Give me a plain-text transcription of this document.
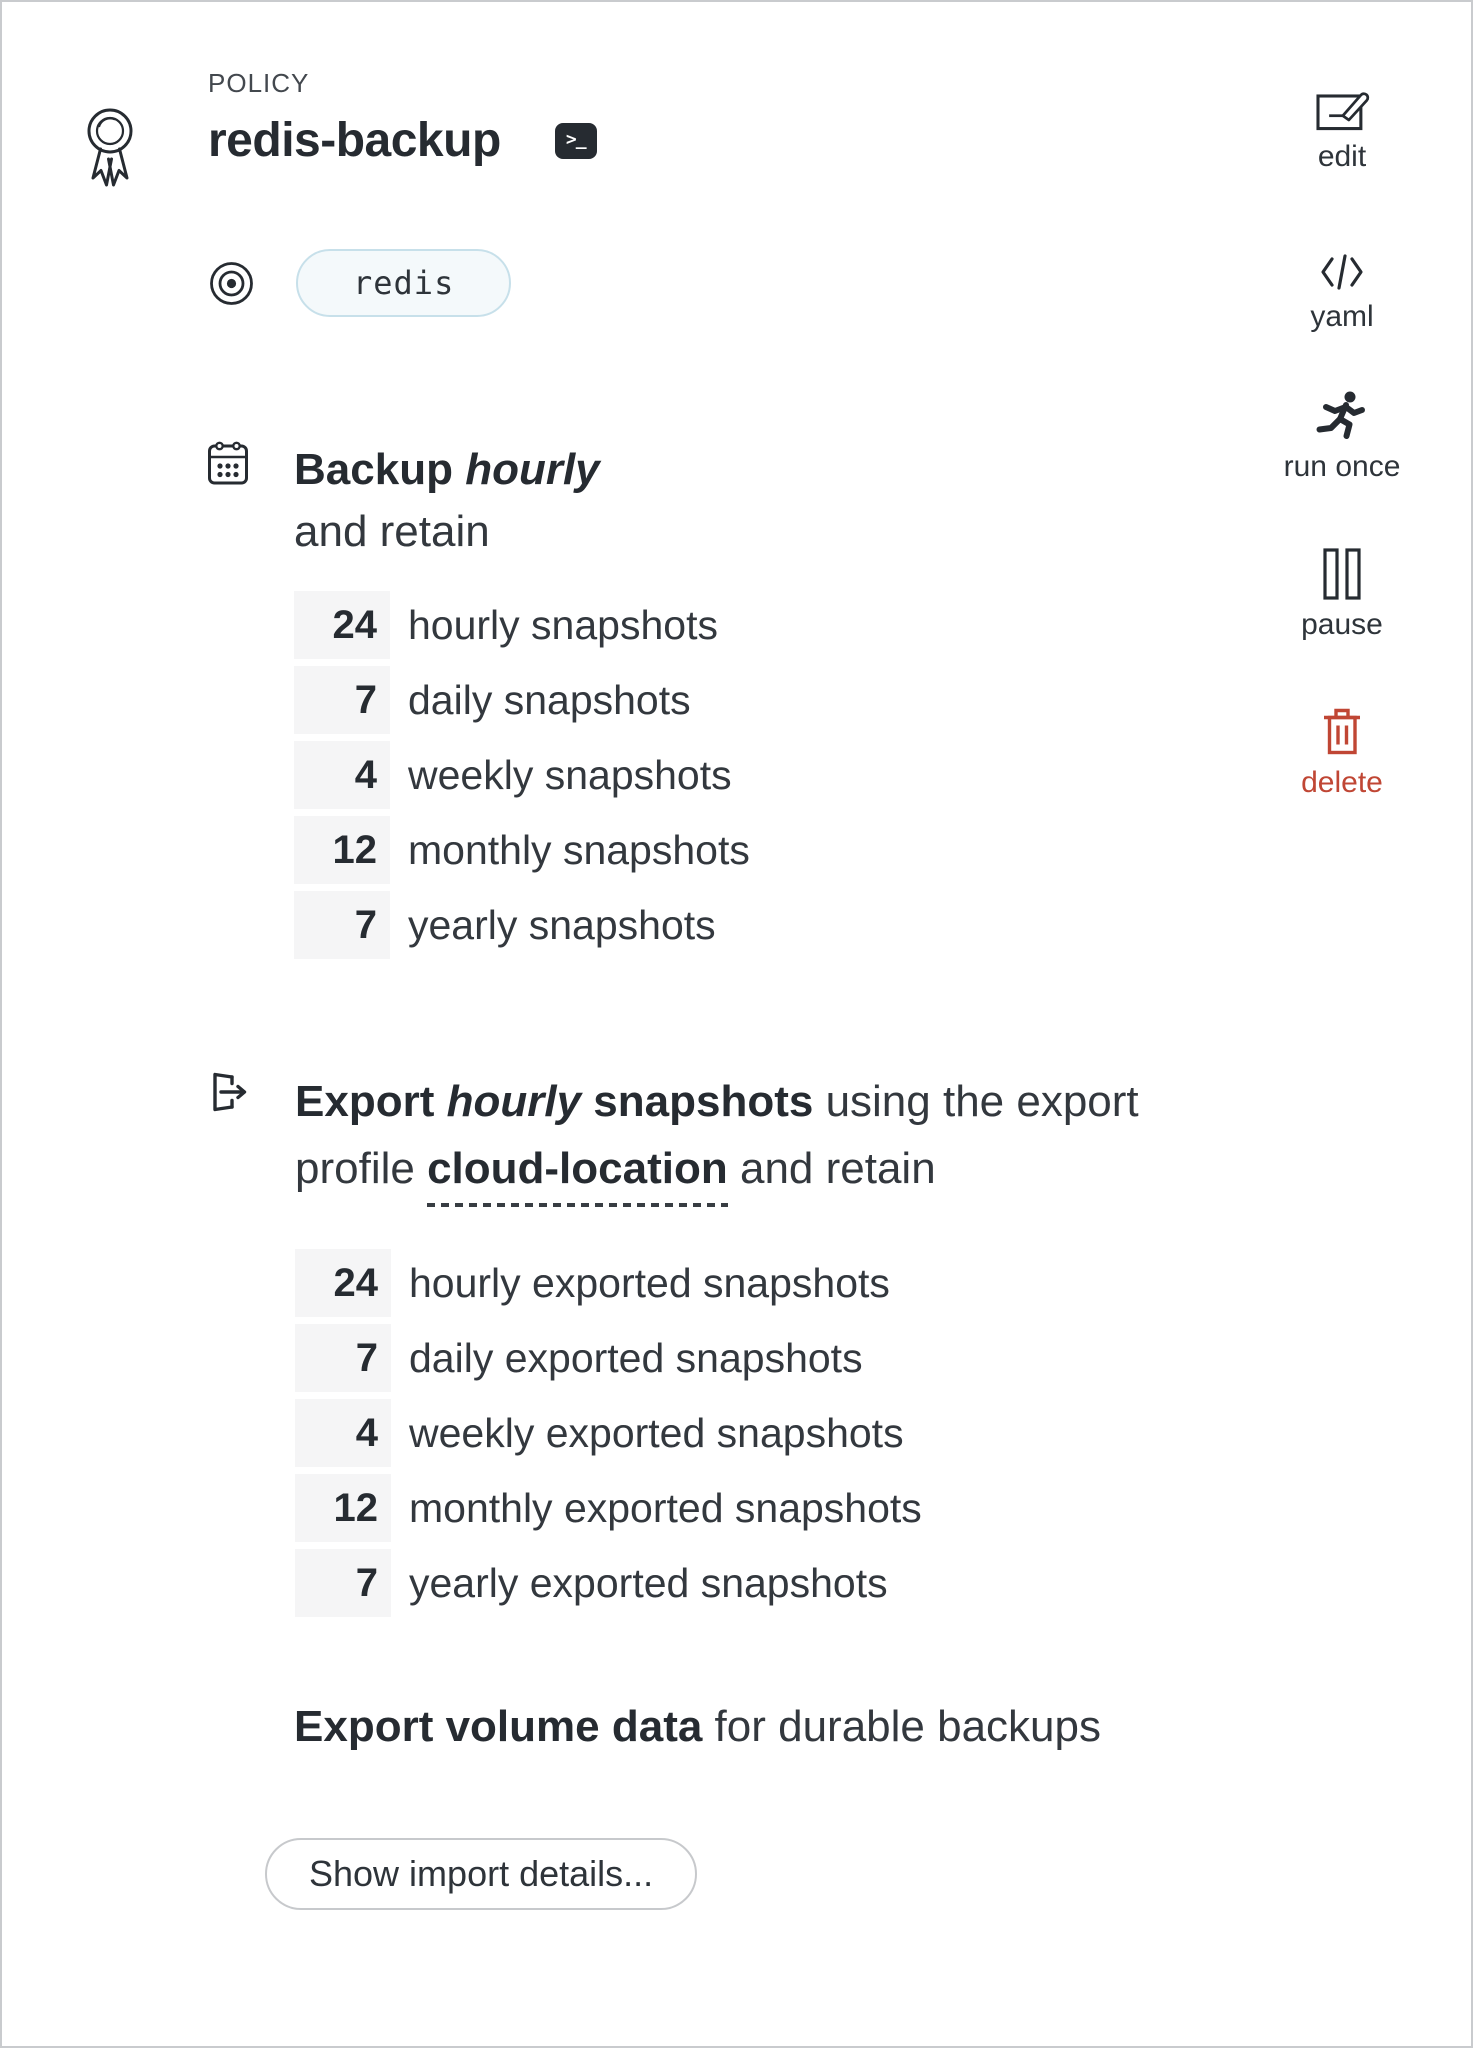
POLICY
redis-backup	>_
redis
edit
yaml
run once
pause
delete
Backup hourly
and retain
24 hourly snapshots
7 daily snapshots
4 weekly snapshots
12 monthly snapshots
7 yearly snapshots
Export hourly snapshots using the export profile cloud-location and retain
24 hourly exported snapshots
7 daily exported snapshots
4 weekly exported snapshots
12 monthly exported snapshots
7 yearly exported snapshots
Export volume data for durable backups
Show import details...
